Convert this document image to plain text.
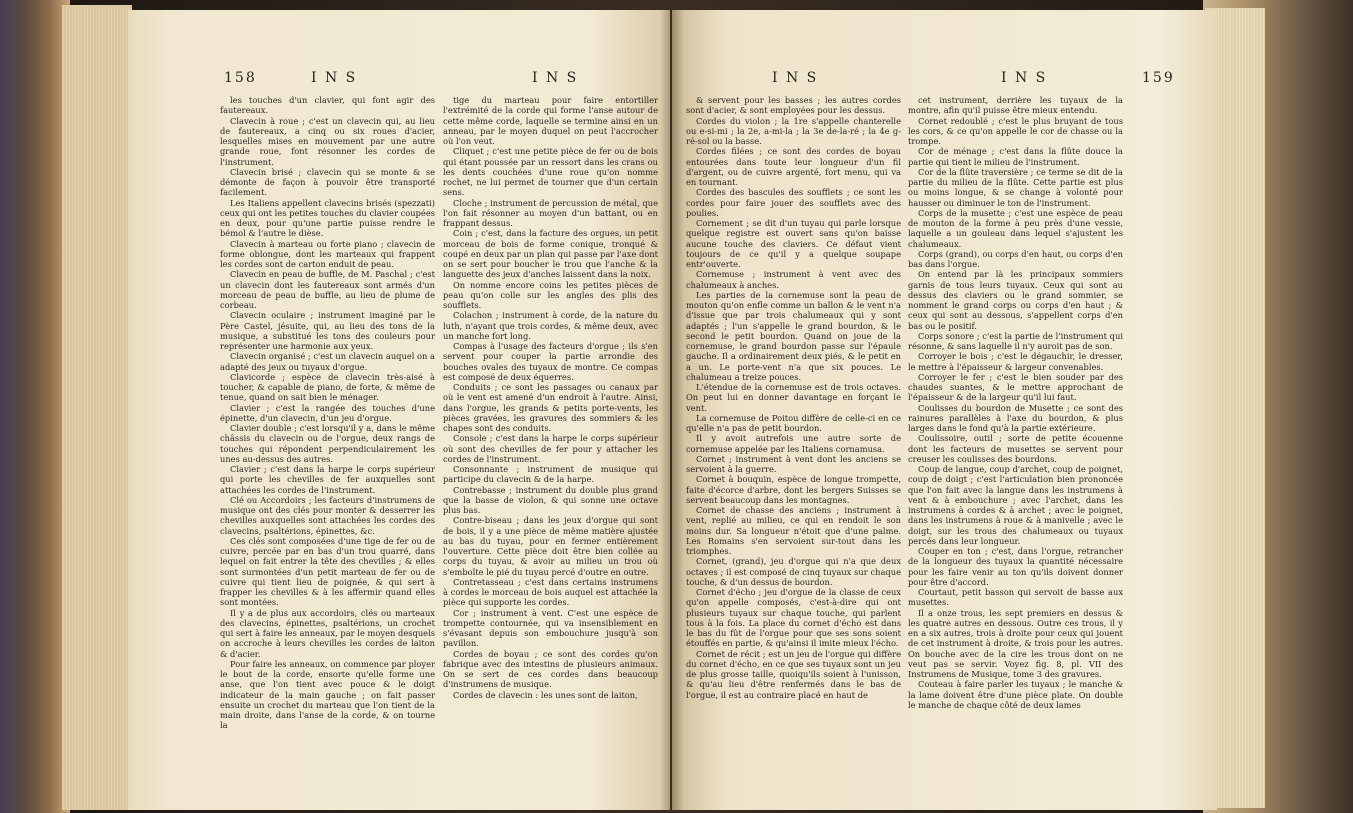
158	I N S	I N S

les touches d'un clavier, qui font agir des fautereaux.

Clavecin à roue ; c'est un clavecin qui, au lieu de fautereaux, a cinq ou six roues d'acier, lesquelles mises en mouvement par une autre grande roue, font résonner les cordes de l'instrument.

Clavecin brisé ; clavecin qui se monte & se démonte de façon à pouvoir être transporté facilement.

Les Italiens appellent clavecins brisés (spezzati) ceux qui ont les petites touches du clavier coupées en deux, pour qu'une partie puisse rendre le bémol & l'autre le dièse.

Clavecin à marteau ou forte piano ; clavecin de forme oblongue, dont les marteaux qui frappent les cordes sont de carton enduit de peau.

Clavecin en peau de buffle, de M. Paschal ; c'est un clavecin dont les fautereaux sont armés d'un morceau de peau de buffle, au lieu de plume de corbeau.

Clavecin oculaire ; instrument imaginé par le Père Castel, jésuite, qui, au lieu des tons de la musique, a substitué les tons des couleurs pour représenter une harmonie aux yeux.

Clavecin organisé ; c'est un clavecin auquel on a adapté des jeux ou tuyaux d'orgue.

Clavicorde ; espèce de clavecin très-aisé à toucher, & capable de piano, de forte, & même de tenue, quand on sait bien le ménager.

Clavier ; c'est la rangée des touches d'une épinette, d'un clavecin, d'un jeu d'orgue.

Clavier double ; c'est lorsqu'il y a, dans le même châssis du clavecin ou de l'orgue, deux rangs de touches qui répondent perpendiculairement les unes au-dessus des autres.

Clavier ; c'est dans la harpe le corps supérieur qui porte les chevilles de fer auxquelles sont attachées les cordes de l'instrument.

Clé ou Accordoirs ; les facteurs d'instrumens de musique ont des clés pour monter & desserrer les chevilles auxquelles sont attachées les cordes des clavecins, psaltérions, épinettes, &c.

Ces clés sont composées d'une tige de fer ou de cuivre, percée par en bas d'un trou quarré, dans lequel on fait entrer la tête des chevilles ; & elles sont surmontées d'un petit marteau de fer ou de cuivre qui tient lieu de poignée, & qui sert à frapper les chevilles & à les affermir quand elles sont montées.

Il y a de plus aux accordoirs, clés ou marteaux des clavecins, épinettes, psaltérions, un crochet qui sert à faire les anneaux, par le moyen desquels on accroche à leurs chevilles les cordes de laiton & d'acier.

Pour faire les anneaux, on commence par ployer le bout de la corde, ensorte qu'elle forme une anse, que l'on tient avec pouce & le doigt indicateur de la main gauche ; on fait passer ensuite un crochet du marteau que l'on tient de la main droite, dans l'anse de la corde, & on tourne la

tige du marteau pour faire entortiller l'extrémité de la corde qui forme l'anse autour de cette même corde, laquelle se termine ainsi en un anneau, par le moyen duquel on peut l'accrocher où l'on veut.

Cliquet ; c'est une petite pièce de fer ou de bois qui étant poussée par un ressort dans les crans ou les dents couchées d'une roue qu'on nomme rochet, ne lui permet de tourner que d'un certain sens.

Cloche ; instrument de percussion de métal, que l'on fait résonner au moyen d'un battant, ou en frappant dessus.

Coin ; c'est, dans la facture des orgues, un petit morceau de bois de forme conique, tronqué & coupé en deux par un plan qui passe par l'axe dont on se sert pour boucher le trou que l'anche & la languette des jeux d'anches laissent dans la noix.

On nomme encore coins les petites pièces de peau qu'on colle sur les angles des plis des soufflets.

Colachon ; instrument à corde, de la nature du luth, n'ayant que trois cordes, & même deux, avec un manche fort long.

Compas à l'usage des facteurs d'orgue ; ils s'en servent pour couper la partie arrondie des bouches ovales des tuyaux de montre. Ce compas est composé de deux équerres.

Conduits ; ce sont les passages ou canaux par où le vent est amené d'un endroit à l'autre. Ainsi, dans l'orgue, les grands & petits porte-vents, les pièces gravées, les gravures des sommiers & les chapes sont des conduits.

Console ; c'est dans la harpe le corps supérieur où sont des chevilles de fer pour y attacher les cordes de l'instrument.

Consonnante ; instrument de musique qui participe du clavecin & de la harpe.

Contrebasse ; instrument du double plus grand que la basse de violon, & qui sonne une octave plus bas.

Contre-biseau ; dans les jeux d'orgue qui sont de bois, il y a une pièce de même matière ajustée au bas du tuyau, pour en fermer entièrement l'ouverture. Cette pièce doit être bien collée au corps du tuyau, & avoir au milieu un trou où s'emboîte le pié du tuyau percé d'outre en outre.

Contretasseau ; c'est dans certains instrumens à cordes le morceau de bois auquel est attachée la pièce qui supporte les cordes.

Cor ; instrument à vent. C'est une espèce de trompette contournée, qui va insensiblement en s'évasant depuis son embouchure jusqu'à son pavillon.

Cordes de boyau ; ce sont des cordes qu'on fabrique avec des intestins de plusieurs animaux. On se sert de ces cordes dans beaucoup d'instrumens de musique.

Cordes de clavecin : les unes sont de laiton,

I N S	I N S	159

& servent pour les basses ; les autres cordes sont d'acier, & sont employées pour les dessus.

Cordes du violon ; la 1re s'appelle chanterelle ou e-si-mi ; la 2e, a-mi-la ; la 3e de-la-ré ; la 4e g-ré-sol ou la basse.

Cordes filées ; ce sont des cordes de boyau entourées dans toute leur longueur d'un fil d'argent, ou de cuivre argenté, fort menu, qui va en tournant.

Cordes des bascules des soufflets ; ce sont les cordes pour faire jouer des soufflets avec des poulies.

Cornement ; se dit d'un tuyau qui parle lorsque quelque registre est ouvert sans qu'on baisse aucune touche des claviers. Ce défaut vient toujours de ce qu'il y a quelque soupape entr'ouverte.

Cornemuse ; instrument à vent avec des chalumeaux à anches.

Les parties de la cornemuse sont la peau de mouton qu'on enfle comme un ballon & le vent n'a d'issue que par trois chalumeaux qui y sont adaptés ; l'un s'appelle le grand bourdon, & le second le petit bourdon. Quand on joue de la cornemuse, le grand bourdon passe sur l'épaule gauche. Il a ordinairement deux piés, & le petit en a un. Le porte-vent n'a que six pouces. Le chalumeau a treize pouces.

L'étendue de la cornemuse est de trois octaves. On peut lui en donner davantage en forçant le vent.

La cornemuse de Poitou diffère de celle-ci en ce qu'elle n'a pas de petit bourdon.

Il y avoit autrefois une autre sorte de cornemuse appelée par les Italiens cornamusa.

Cornet ; instrument à vent dont les anciens se servoient à la guerre.

Cornet à bouquin, espèce de longue trompette, faite d'écorce d'arbre, dont les bergers Suisses se servent beaucoup dans les montagnes.

Cornet de chasse des anciens ; instrument à vent, replié au milieu, ce qui en rendoit le son moins dur. Sa longueur n'étoit que d'une palme. Les Romains s'en servoient sur-tout dans les triomphes.

Cornet, (grand), jeu d'orgue qui n'a que deux octaves ; il est composé de cinq tuyaux sur chaque touche, & d'un dessus de bourdon.

Cornet d'écho ; jeu d'orgue de la classe de ceux qu'on appelle composés, c'est-à-dire qui ont plusieurs tuyaux sur chaque touche, qui parlent tous à la fois. La place du cornet d'écho est dans le bas du fût de l'orgue pour que ses sons soient étouffés en partie, & qu'ainsi il imite mieux l'écho.

Cornet de récit ; est un jeu de l'orgue qui diffère du cornet d'écho, en ce que ses tuyaux sont un jeu de plus grosse taille, quoiqu'ils soient à l'unisson, & qu'au lieu d'être renfermés dans le bas de l'orgue, il est au contraire placé en haut de

cet instrument, derrière les tuyaux de la montre, afin qu'il puisse être mieux entendu.

Cornet redoublé ; c'est le plus bruyant de tous les cors, & ce qu'on appelle le cor de chasse ou la trompe.

Cor de ménage ; c'est dans la flûte douce la partie qui tient le milieu de l'instrument.

Cor de la flûte traversière ; ce terme se dit de la partie du milieu de la flûte. Cette partie est plus ou moins longue, & se change à volonté pour hausser ou diminuer le ton de l'instrument.

Corps de la musette ; c'est une espèce de peau de mouton de la forme à peu près d'une vessie, laquelle a un gouleau dans lequel s'ajustent les chalumeaux.

Corps (grand), ou corps d'en haut, ou corps d'en bas dans l'orgue.

On entend par là les principaux sommiers garnis de tous leurs tuyaux. Ceux qui sont au dessus des claviers ou le grand sommier, se nomment le grand corps ou corps d'en haut ; & ceux qui sont au dessous, s'appellent corps d'en bas ou le positif.

Corps sonore ; c'est la partie de l'instrument qui résonne, & sans laquelle il n'y auroit pas de son.

Corroyer le bois ; c'est le dégauchir, le dresser, le mettre à l'épaisseur & largeur convenables.

Corroyer le fer ; c'est le bien souder par des chaudes suantes, & le mettre approchant de l'épaisseur & de la largeur qu'il lui faut.

Coulisses du bourdon de Musette ; ce sont des rainures parallèles à l'axe du bourdon, & plus larges dans le fond qu'à la partie extérieure.

Coulissoire, outil ; sorte de petite écouenne dont les facteurs de musettes se servent pour creuser les coulisses des bourdons.

Coup de langue, coup d'archet, coup de poignet, coup de doigt ; c'est l'articulation bien prononcée que l'on fait avec la langue dans les instrumens à vent & à embouchure ; avec l'archet, dans les instrumens à cordes & à archet ; avec le poignet, dans les instrumens à roue & à manivelle ; avec le doigt, sur les trous des chalumeaux ou tuyaux percés dans leur longueur.

Couper en ton ; c'est, dans l'orgue, retrancher de la longueur des tuyaux la quantité nécessaire pour les faire venir au ton qu'ils doivent donner pour être d'accord.

Courtaut, petit basson qui servoit de basse aux musettes.

Il a onze trous, les sept premiers en dessus & les quatre autres en dessous. Outre ces trous, il y en a six autres, trois à droite pour ceux qui jouent de cet instrument à droite, & trois pour les autres. On bouche avec de la cire les trous dont on ne veut pas se servir. Voyez fig. 8, pl. VII des Instrumens de Musique, tome 3 des gravures.

Couteau à faire parler les tuyaux ; le manche & la lame doivent être d'une pièce plate. On double le manche de chaque côté de deux lames
